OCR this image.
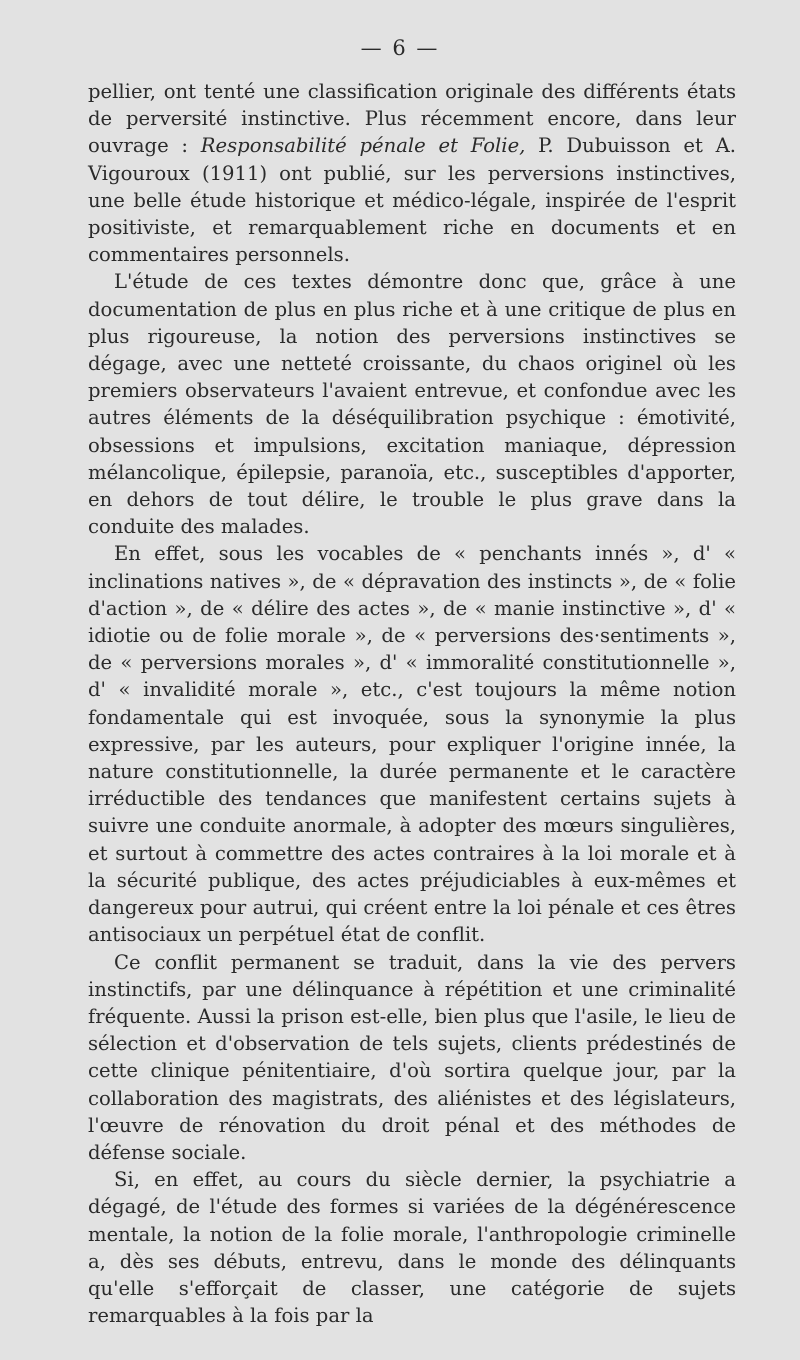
— 6 —

pellier, ont tenté une classification originale des différents états de perversité instinctive. Plus récemment encore, dans leur ouvrage : Responsabilité pénale et Folie, P. Dubuisson et A. Vigouroux (1911) ont publié, sur les perversions instinctives, une belle étude historique et médico-légale, inspirée de l'esprit positiviste, et remarquablement riche en documents et en commentaires personnels.

L'étude de ces textes démontre donc que, grâce à une documentation de plus en plus riche et à une critique de plus en plus rigoureuse, la notion des perversions instinctives se dégage, avec une netteté croissante, du chaos originel où les premiers observateurs l'avaient entrevue, et confondue avec les autres éléments de la déséquilibration psychique : émotivité, obsessions et impulsions, excitation maniaque, dépression mélancolique, épilepsie, paranoïa, etc., susceptibles d'apporter, en dehors de tout délire, le trouble le plus grave dans la conduite des malades.

En effet, sous les vocables de « penchants innés », d' « inclinations natives », de « dépravation des instincts », de « folie d'action », de « délire des actes », de « manie instinctive », d' « idiotie ou de folie morale », de « perversions des·sentiments », de « perversions morales », d' « immoralité constitutionnelle », d' « invalidité morale », etc., c'est toujours la même notion fondamentale qui est invoquée, sous la synonymie la plus expressive, par les auteurs, pour expliquer l'origine innée, la nature constitutionnelle, la durée permanente et le caractère irréductible des tendances que manifestent certains sujets à suivre une conduite anormale, à adopter des mœurs singulières, et surtout à commettre des actes contraires à la loi morale et à la sécurité publique, des actes préjudiciables à eux-mêmes et dangereux pour autrui, qui créent entre la loi pénale et ces êtres antisociaux un perpétuel état de conflit.

Ce conflit permanent se traduit, dans la vie des pervers instinctifs, par une délinquance à répétition et une criminalité fréquente. Aussi la prison est-elle, bien plus que l'asile, le lieu de sélection et d'observation de tels sujets, clients prédestinés de cette clinique pénitentiaire, d'où sortira quelque jour, par la collaboration des magistrats, des aliénistes et des législateurs, l'œuvre de rénovation du droit pénal et des méthodes de défense sociale.

Si, en effet, au cours du siècle dernier, la psychiatrie a dégagé, de l'étude des formes si variées de la dégénérescence mentale, la notion de la folie morale, l'anthropologie criminelle a, dès ses débuts, entrevu, dans le monde des délinquants qu'elle s'efforçait de classer, une catégorie de sujets remarquables à la fois par la
